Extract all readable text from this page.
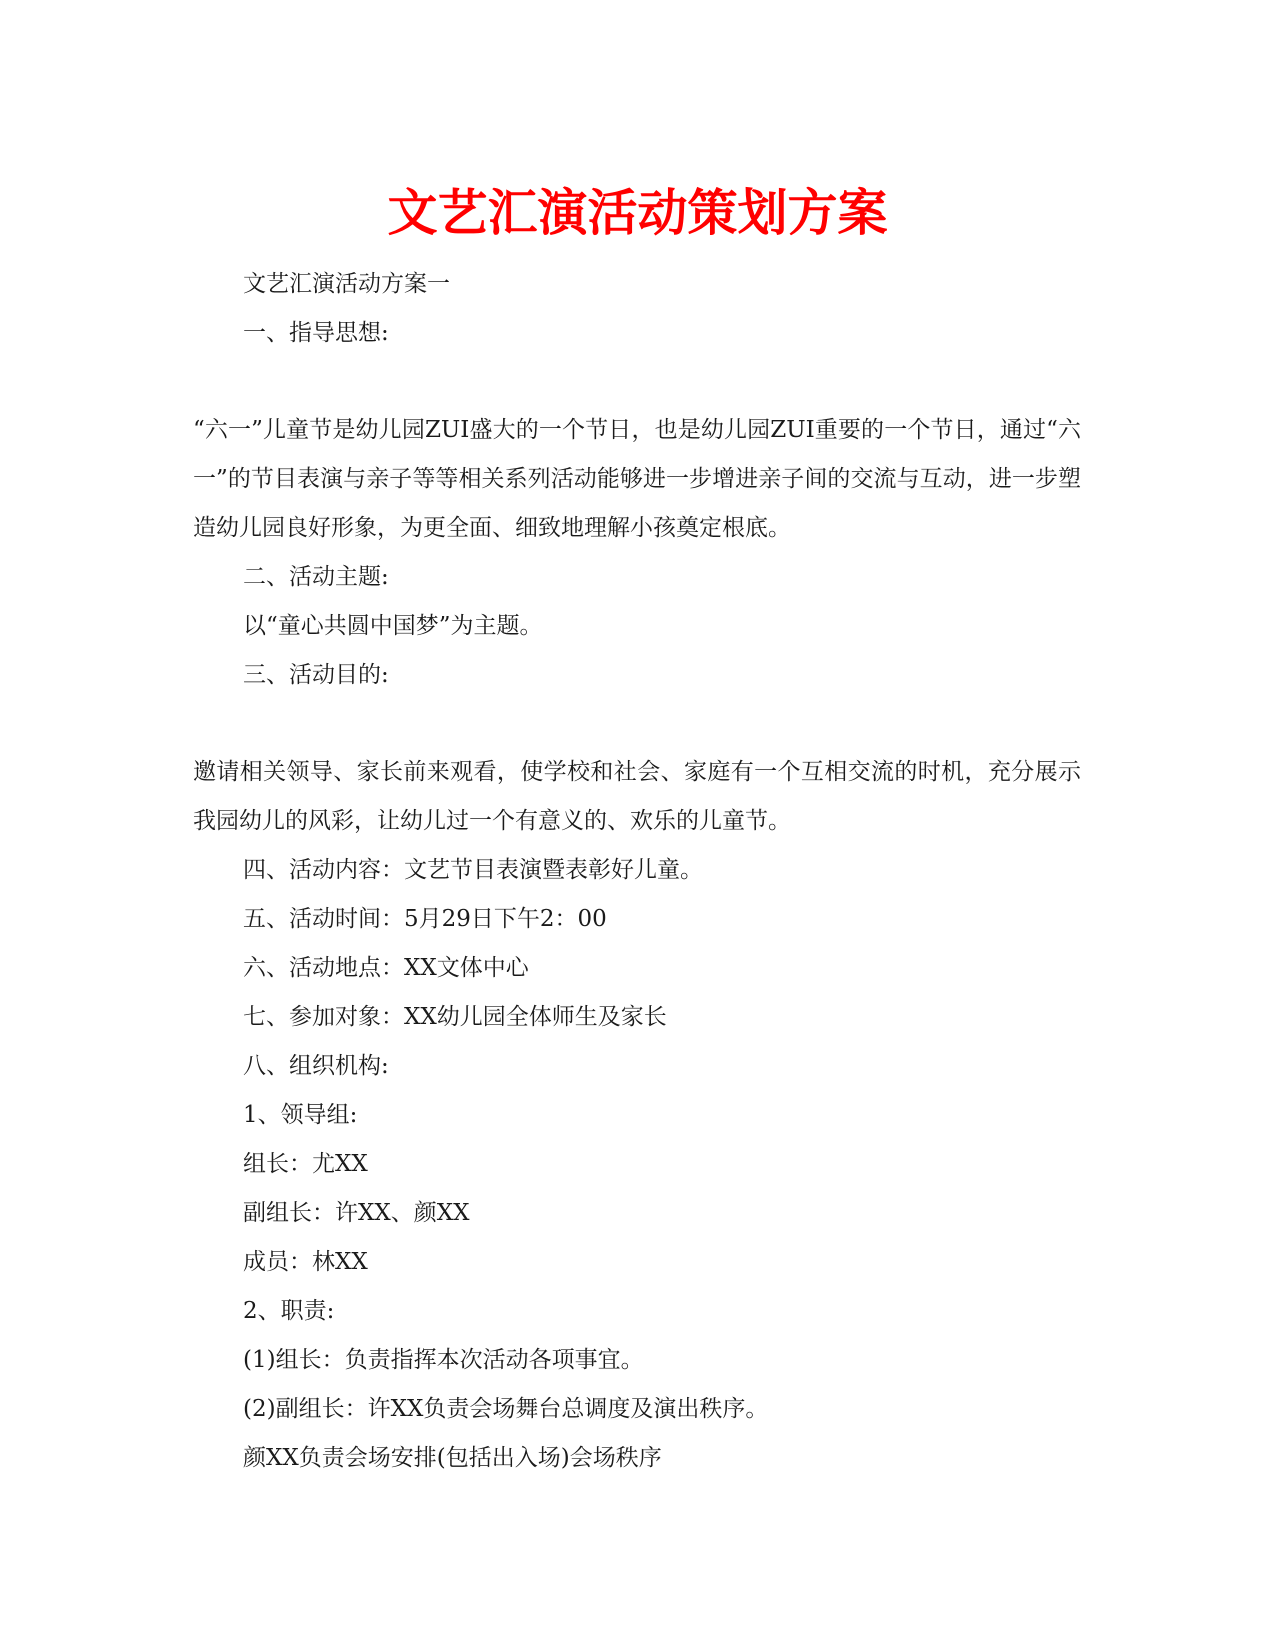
文艺汇演活动策划方案

文艺汇演活动方案一

一、指导思想:

“六一”儿童节是幼儿园ZUI盛大的一个节日，也是幼儿园ZUI重要的一个节日，通过“六一”的节目表演与亲子等等相关系列活动能够进一步增进亲子间的交流与互动，进一步塑造幼儿园良好形象，为更全面、细致地理解小孩奠定根底。

二、活动主题:

以“童心共圆中国梦”为主题。

三、活动目的:

邀请相关领导、家长前来观看，使学校和社会、家庭有一个互相交流的时机，充分展示我园幼儿的风彩，让幼儿过一个有意义的、欢乐的儿童节。

四、活动内容：文艺节目表演暨表彰好儿童。

五、活动时间：5月29日下午2：00

六、活动地点：XX文体中心

七、参加对象：XX幼儿园全体师生及家长

八、组织机构:

1、领导组:

组长：尤XX

副组长：许XX、颜XX

成员：林XX

2、职责:

(1)组长：负责指挥本次活动各项事宜。

(2)副组长：许XX负责会场舞台总调度及演出秩序。

颜XX负责会场安排(包括出入场)会场秩序
